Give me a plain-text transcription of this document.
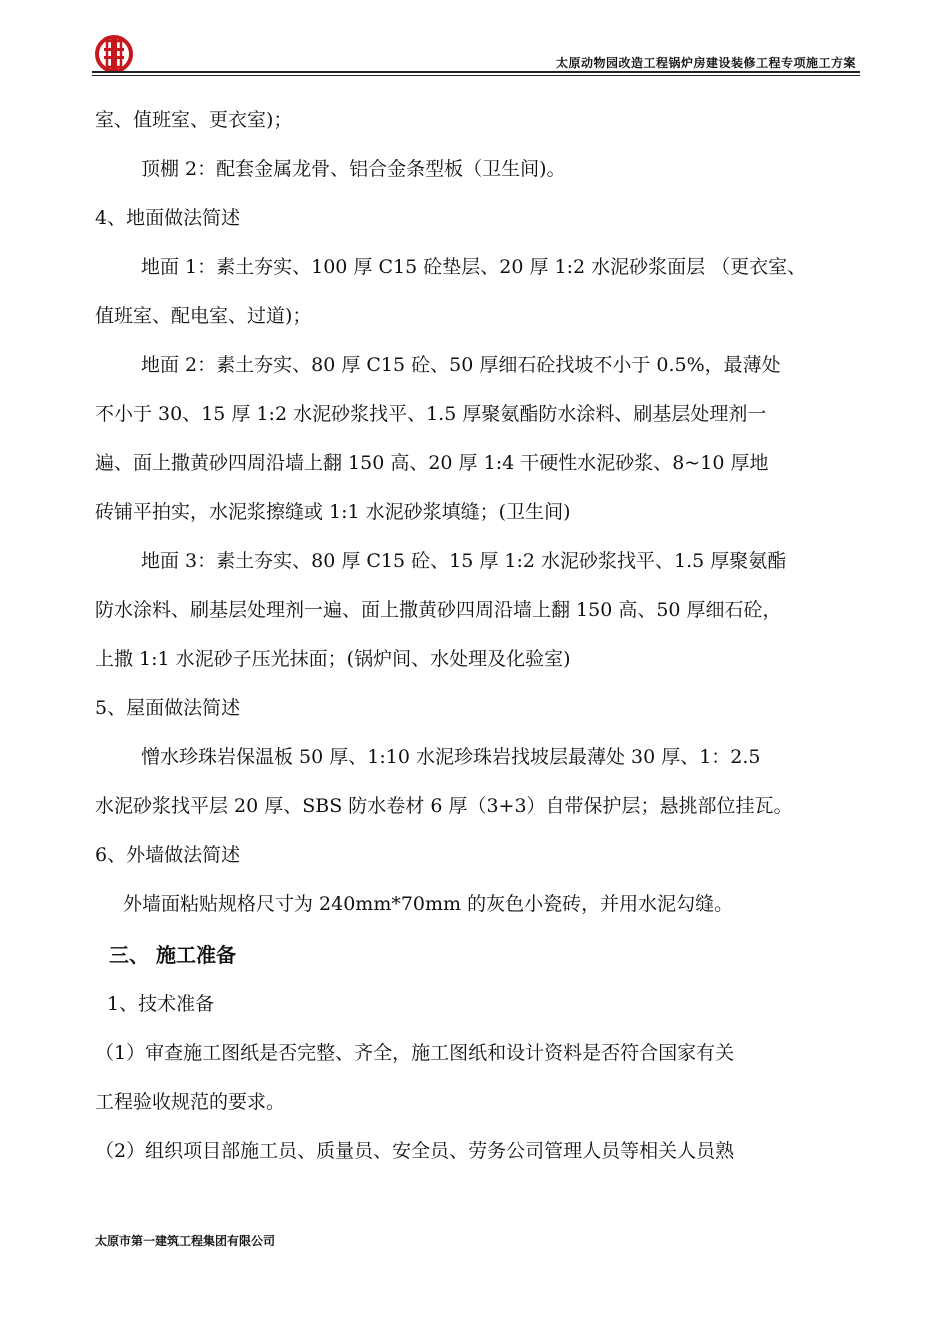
太原动物园改造工程锅炉房建设装修工程专项施工方案

室、值班室、更衣室)；

顶棚 2：配套金属龙骨、铝合金条型板（卫生间)。

4、地面做法简述

地面 1：素土夯实、100 厚 C15 砼垫层、20 厚 1:2 水泥砂浆面层 （更衣室、

值班室、配电室、过道)；

地面 2：素土夯实、80 厚 C15 砼、50 厚细石砼找坡不小于 0.5%，最薄处

不小于 30、15 厚 1:2 水泥砂浆找平、1.5 厚聚氨酯防水涂料、刷基层处理剂一

遍、面上撒黄砂四周沿墙上翻 150 高、20 厚 1:4 干硬性水泥砂浆、8~10 厚地

砖铺平拍实，水泥浆擦缝或 1:1 水泥砂浆填缝；(卫生间)

地面 3：素土夯实、80 厚 C15 砼、15 厚 1:2 水泥砂浆找平、1.5 厚聚氨酯

防水涂料、刷基层处理剂一遍、面上撒黄砂四周沿墙上翻 150 高、50 厚细石砼，

上撒 1:1 水泥砂子压光抹面；(锅炉间、水处理及化验室)

5、屋面做法简述

憎水珍珠岩保温板 50 厚、1:10 水泥珍珠岩找坡层最薄处 30 厚、1：2.5

水泥砂浆找平层 20 厚、SBS 防水卷材 6 厚（3+3）自带保护层；悬挑部位挂瓦。

6、外墙做法简述

外墙面粘贴规格尺寸为 240mm*70mm 的灰色小瓷砖，并用水泥勾缝。

三、 施工准备

1、技术准备

（1）审查施工图纸是否完整、齐全，施工图纸和设计资料是否符合国家有关

工程验收规范的要求。

（2）组织项目部施工员、质量员、安全员、劳务公司管理人员等相关人员熟

太原市第一建筑工程集团有限公司
